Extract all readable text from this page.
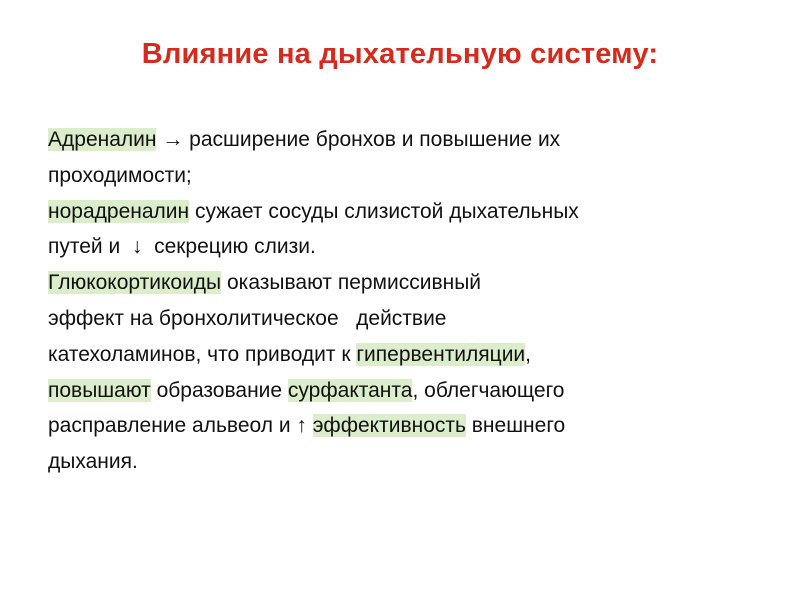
Влияние на дыхательную систему:
Адреналин → расширение бронхов и повышение их
проходимости;
норадреналин сужает сосуды слизистой дыхательных
путей и  ↓  секрецию слизи.
Глюкокортикоиды оказывают пермиссивный
эффект на бронхолитическое   действие
катехоламинов, что приводит к гипервентиляции,
повышают образование сурфактанта, облегчающего
расправление альвеол и ↑ эффективность внешнего
дыхания.
